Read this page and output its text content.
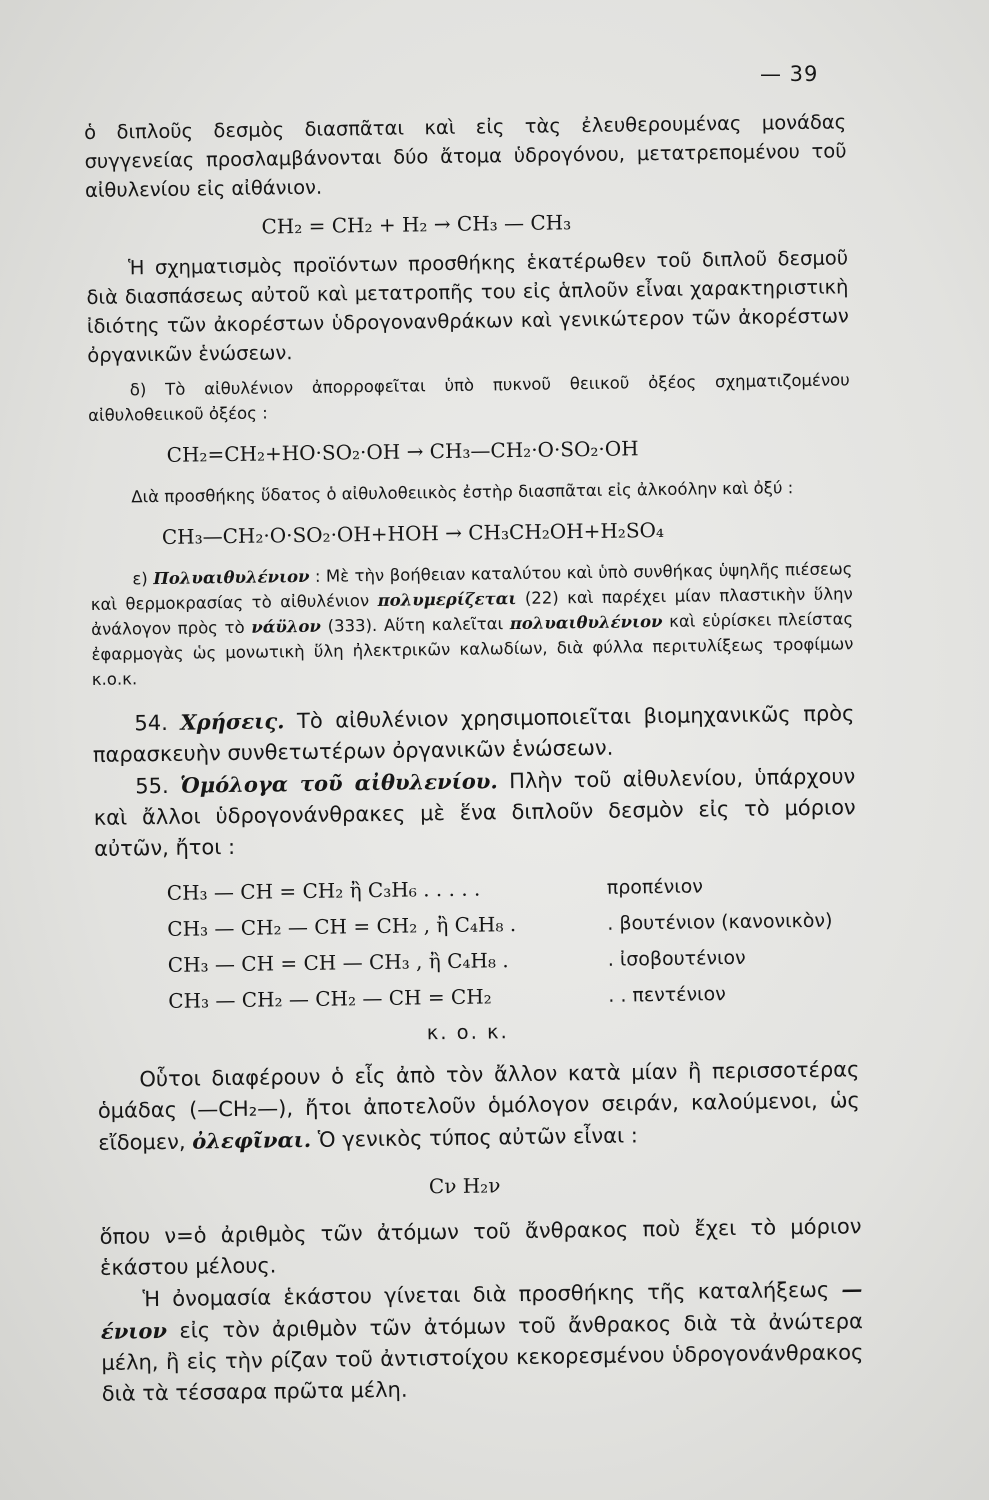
— 39

ὁ διπλοῦς δεσμὸς διασπᾶται καὶ εἰς τὰς ἐλευθερουμένας μονάδας συγγενείας προσλαμβάνονται δύο ἄτομα ὑδρογόνου, μετατρεπομένου τοῦ αἰθυλενίου εἰς αἰθάνιον.

CH₂ = CH₂ + H₂ → CH₃ — CH₃

Ἡ σχηματισμὸς προϊόντων προσθήκης ἑκατέρωθεν τοῦ διπλοῦ δεσμοῦ διὰ διασπάσεως αὐτοῦ καὶ μετατροπῆς του εἰς ἁπλοῦν εἶναι χαρακτηριστικὴ ἰδιότης τῶν ἀκορέστων ὑδρογονανθράκων καὶ γενικώτερον τῶν ἀκορέστων ὀργανικῶν ἑνώσεων.

δ) Τὸ αἰθυλένιον ἀπορροφεῖται ὑπὸ πυκνοῦ θειικοῦ ὀξέος σχηματιζομένου αἰθυλοθειικοῦ ὀξέος :

CH₂=CH₂+HO·SO₂·OH → CH₃—CH₂·O·SO₂·OH

Διὰ προσθήκης ὕδατος ὁ αἰθυλοθειικὸς ἐστὴρ διασπᾶται εἰς ἀλκοόλην καὶ ὀξύ :

CH₃—CH₂·O·SO₂·OH+HOH → CH₃CH₂OH+H₂SO₄

ε) Πολυαιθυλένιον : Μὲ τὴν βοήθειαν καταλύτου καὶ ὑπὸ συνθήκας ὑψηλῆς πιέσεως καὶ θερμοκρασίας τὸ αἰθυλένιον πολυμερίζεται (22) καὶ παρέχει μίαν πλαστικὴν ὕλην ἀνάλογον πρὸς τὸ νάϋλον (333). Αὕτη καλεῖται πολυαιθυλένιον καὶ εὑρίσκει πλείστας ἐφαρμογὰς ὡς μονωτικὴ ὕλη ἠλεκτρικῶν καλωδίων, διὰ φύλλα περιτυλίξεως τροφίμων κ.ο.κ.

54. Χρήσεις. Τὸ αἰθυλένιον χρησιμοποιεῖται βιομηχανικῶς πρὸς παρασκευὴν συνθετωτέρων ὀργανικῶν ἑνώσεων.

55. Ὁμόλογα τοῦ αἰθυλενίου. Πλὴν τοῦ αἰθυλενίου, ὑπάρχουν καὶ ἄλλοι ὑδρογονάνθρακες μὲ ἕνα διπλοῦν δεσμὸν εἰς τὸ μόριον αὐτῶν, ἤτοι :

CH₃ — CH = CH₂ ἢ C₃H₆ . . . . .	προπένιον
CH₃ — CH₂ — CH = CH₂ , ἢ C₄H₈ .	. βουτένιον (κανονικὸν)
CH₃ — CH = CH — CH₃ , ἢ C₄H₈ .	. ἰσοβουτένιον
CH₃ — CH₂ — CH₂ — CH = CH₂	. . πεντένιον
κ. ο. κ.

Οὗτοι διαφέρουν ὁ εἷς ἀπὸ τὸν ἄλλον κατὰ μίαν ἢ περισσοτέρας ὁμάδας (—CH₂—), ἤτοι ἀποτελοῦν ὁμόλογον σειράν, καλούμενοι, ὡς εἴδομεν, ὀλεφῖναι. Ὁ γενικὸς τύπος αὐτῶν εἶναι :

Cν H₂ν

ὅπου ν=ὁ ἀριθμὸς τῶν ἀτόμων τοῦ ἄνθρακος ποὺ ἔχει τὸ μόριον ἑκάστου μέλους.

Ἡ ὀνομασία ἑκάστου γίνεται διὰ προσθήκης τῆς καταλήξεως —ένιον εἰς τὸν ἀριθμὸν τῶν ἀτόμων τοῦ ἄνθρακος διὰ τὰ ἀνώτερα μέλη, ἢ εἰς τὴν ρίζαν τοῦ ἀντιστοίχου κεκορεσμένου ὑδρογονάνθρακος διὰ τὰ τέσσαρα πρῶτα μέλη.
